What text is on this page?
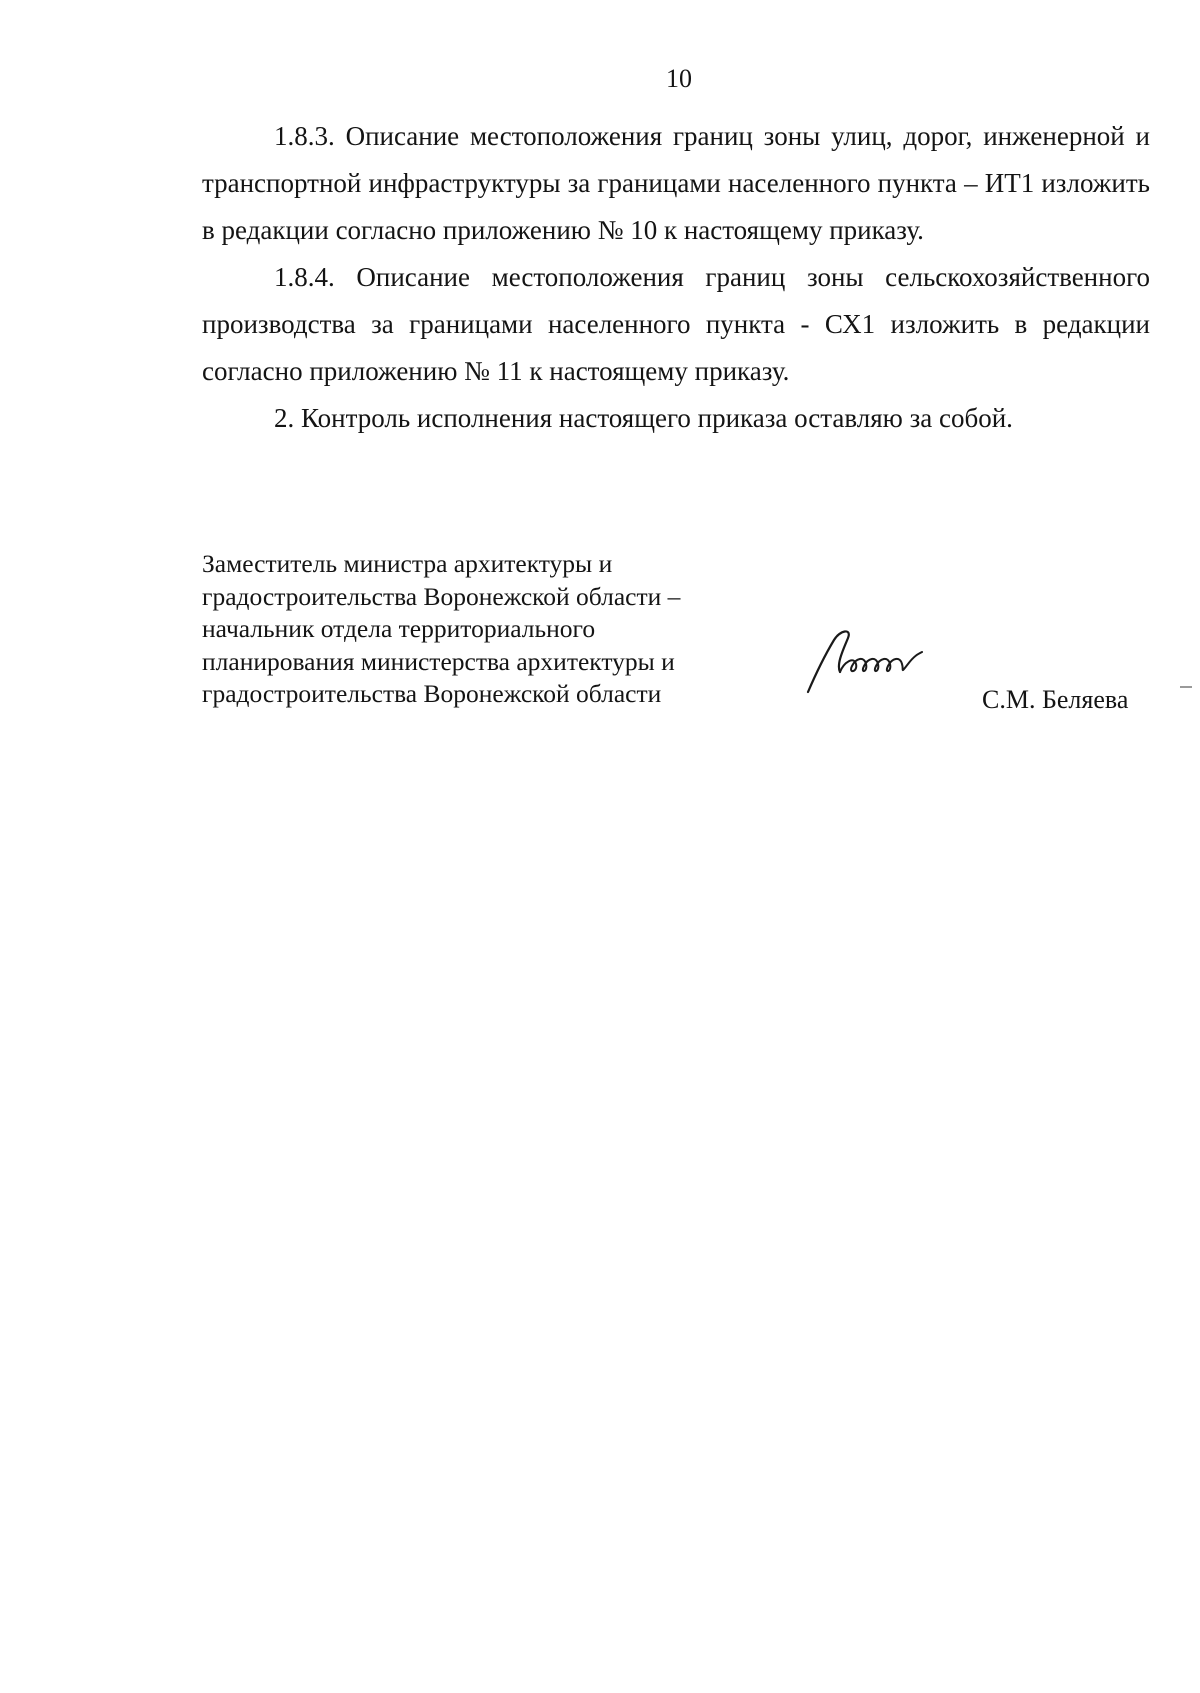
10

1.8.3. Описание местоположения границ зоны улиц, дорог, инженерной и транспортной инфраструктуры за границами населенного пункта – ИТ1 изложить в редакции согласно приложению № 10 к настоящему приказу.

1.8.4. Описание местоположения границ зоны сельскохозяйственного производства за границами населенного пункта - СХ1 изложить в редакции согласно приложению № 11 к настоящему приказу.

2. Контроль исполнения настоящего приказа оставляю за собой.

Заместитель министра архитектуры и
градостроительства Воронежской области –
начальник отдела территориального
планирования министерства архитектуры и
градостроительства Воронежской области	С.М. Беляева
